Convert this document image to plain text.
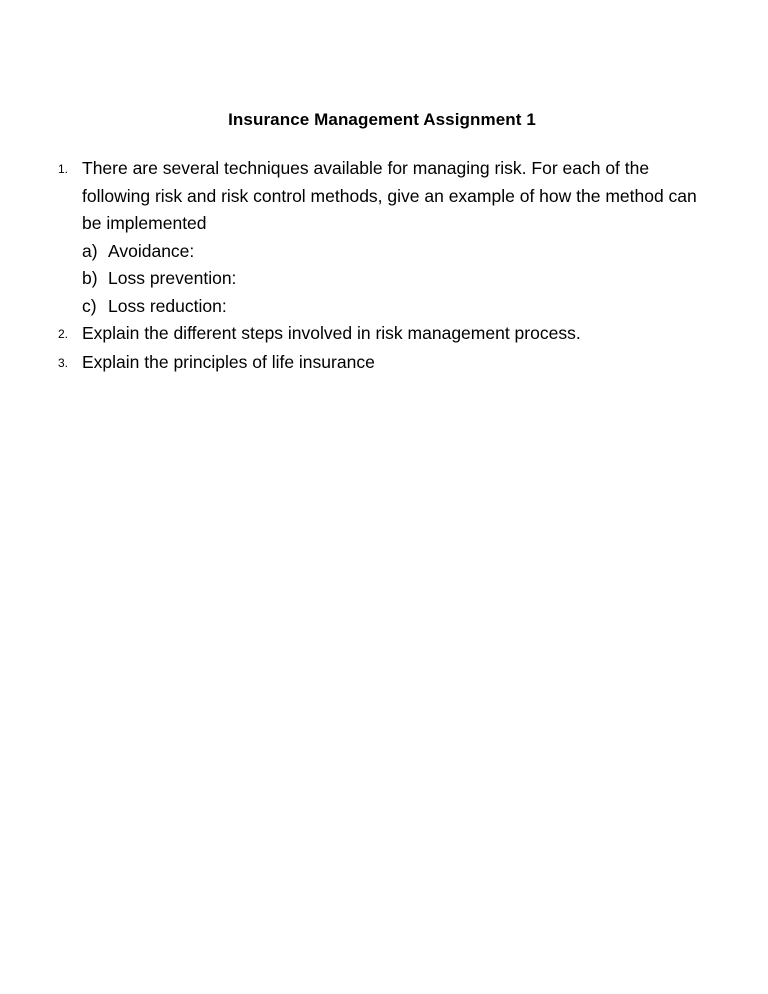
Insurance Management Assignment 1
1. There are several techniques available for managing risk. For each of the following risk and risk control methods, give an example of how the method can be implemented

a) Avoidance:
b) Loss prevention:
c) Loss reduction:
2. Explain the different steps involved in risk management process.

3. Explain the principles of life insurance
